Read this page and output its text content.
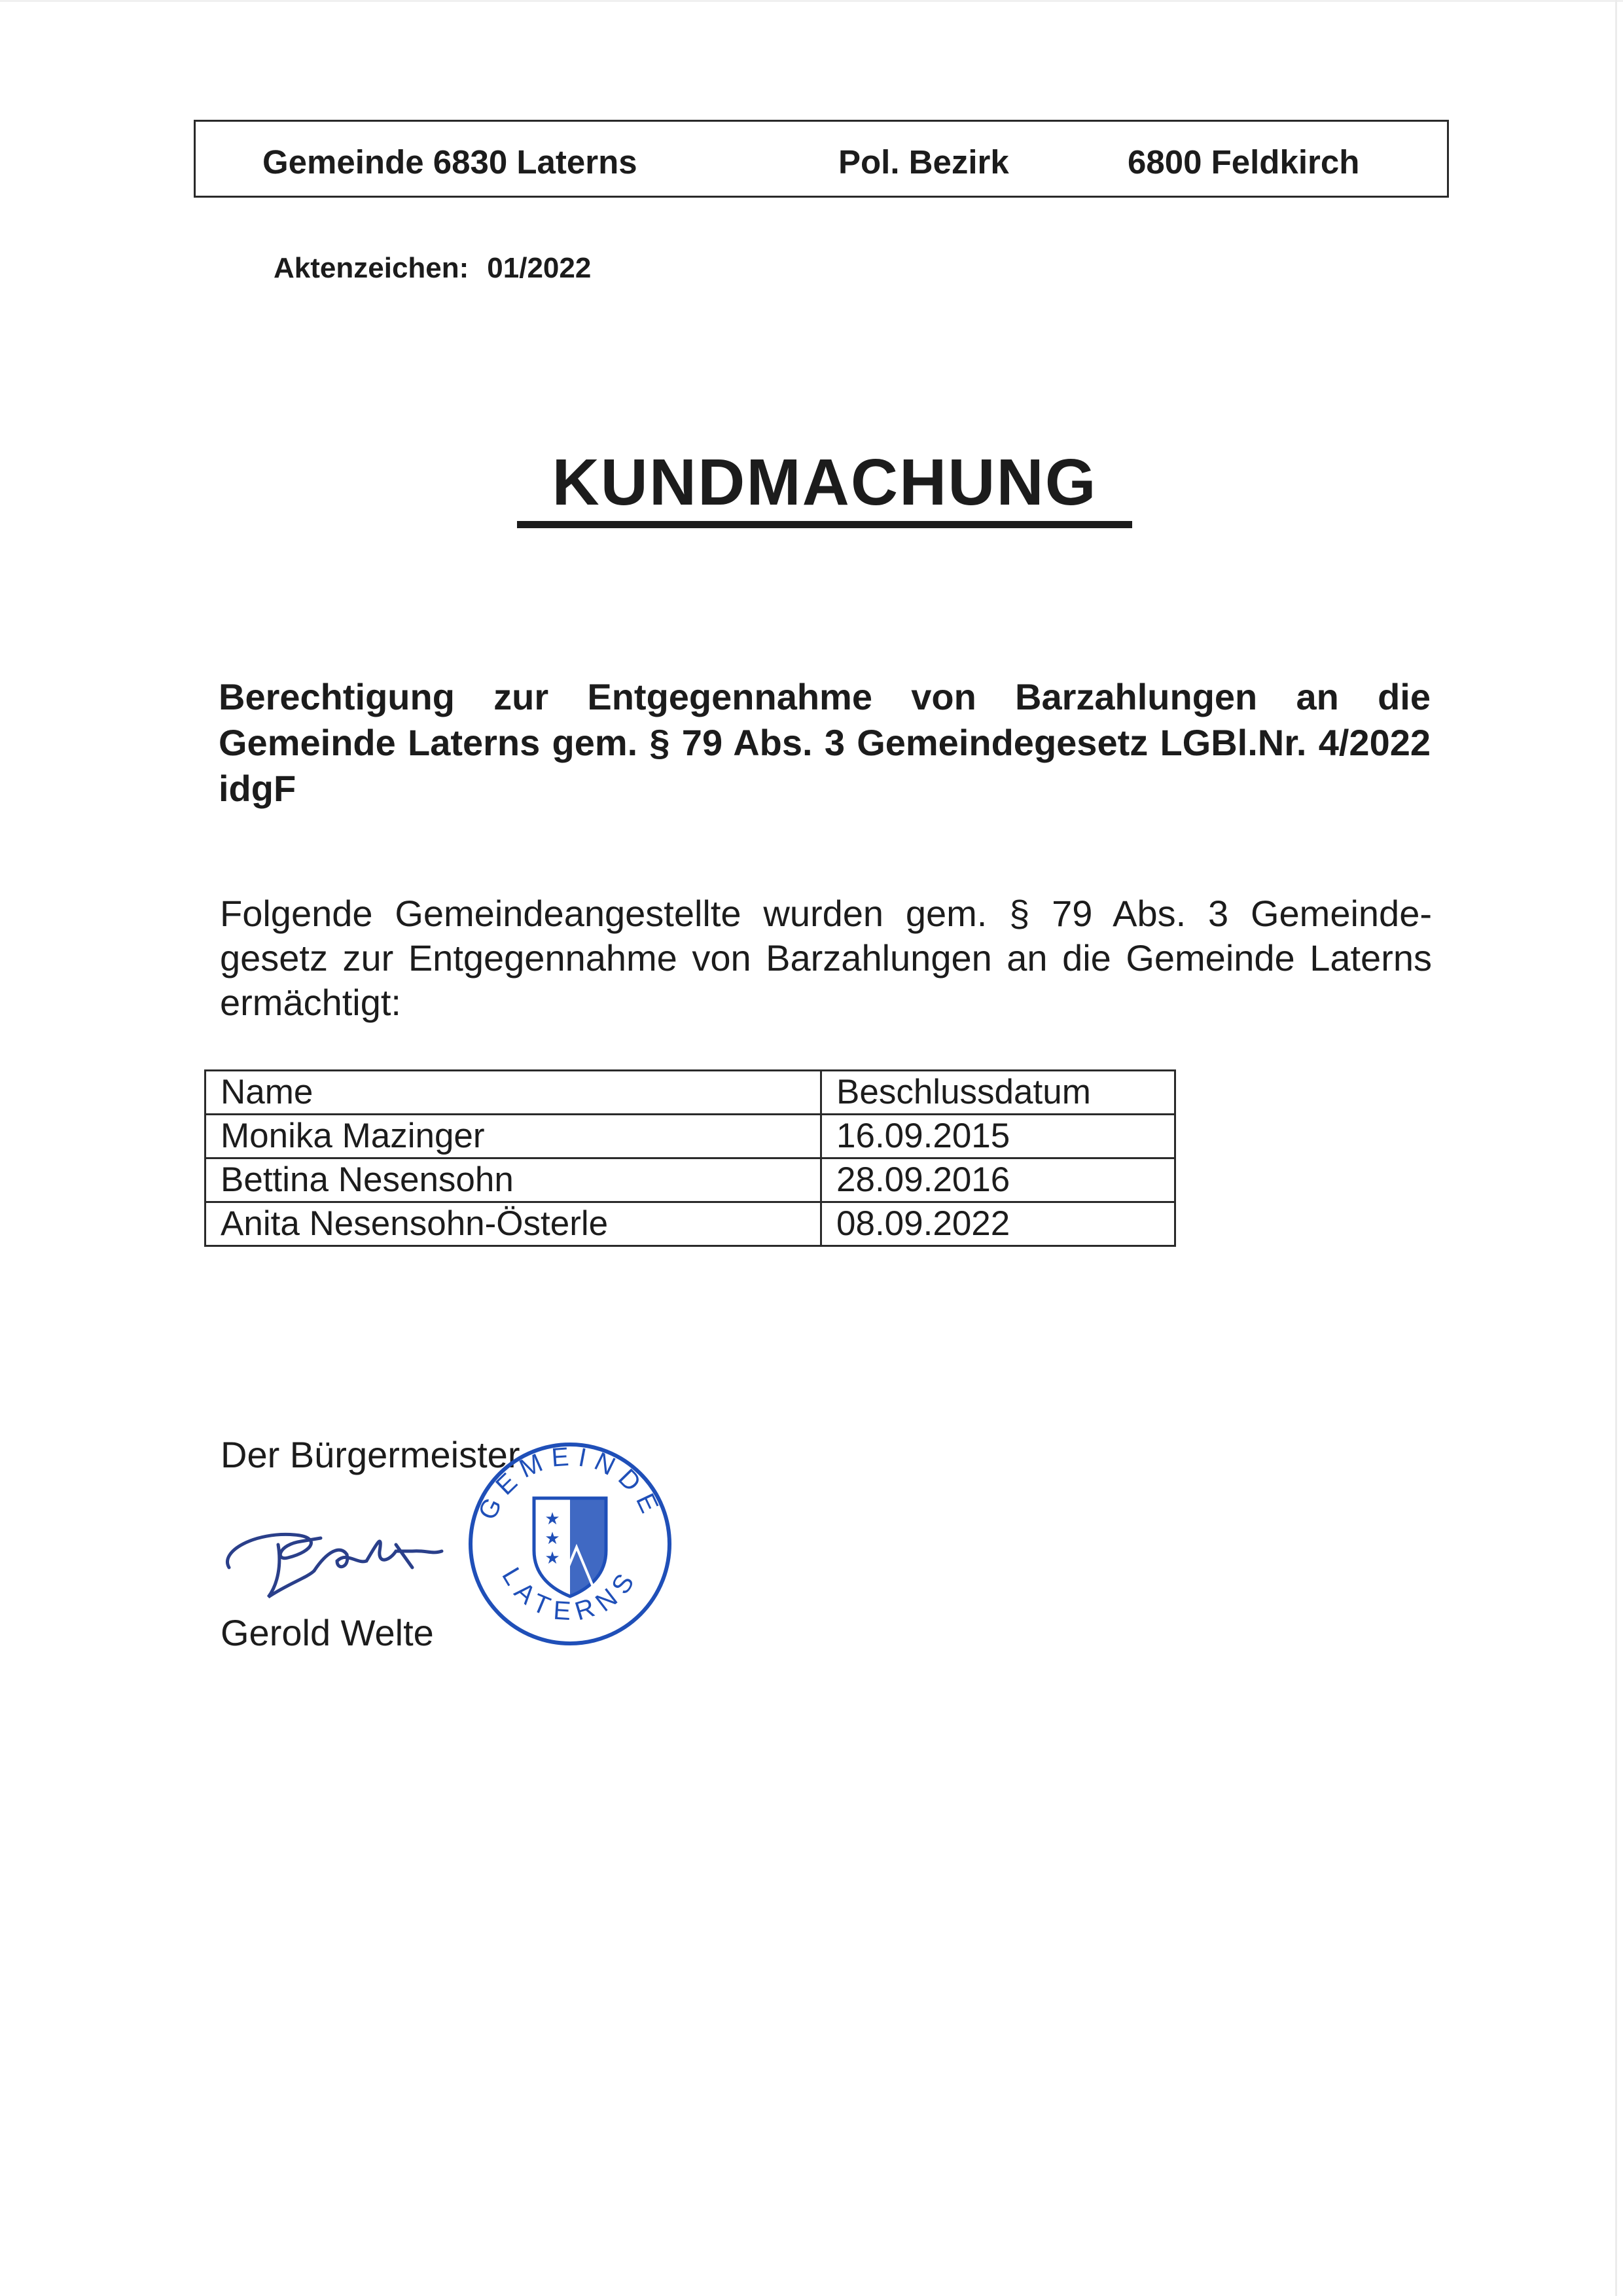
Gemeinde 6830 Laterns	Pol. Bezirk	6800 Feldkirch
Aktenzeichen: 01/2022
KUNDMACHUNG
Berechtigung zur Entgegennahme von Barzahlungen an die Gemeinde Laterns gem. § 79 Abs. 3 Gemeindegesetz LGBl.Nr. 4/2022 idgF
Folgende Gemeindeangestellte wurden gem. § 79 Abs. 3 Gemeinde-gesetz zur Entgegennahme von Barzahlungen an die Gemeinde Laterns ermächtigt:
Name	Beschlussdatum
Monika Mazinger	16.09.2015
Bettina Nesensohn	28.09.2016
Anita Nesensohn-Österle	08.09.2022
Der Bürgermeister
GEMEINDE
LATERNS
★
★
★
Gerold Welte
